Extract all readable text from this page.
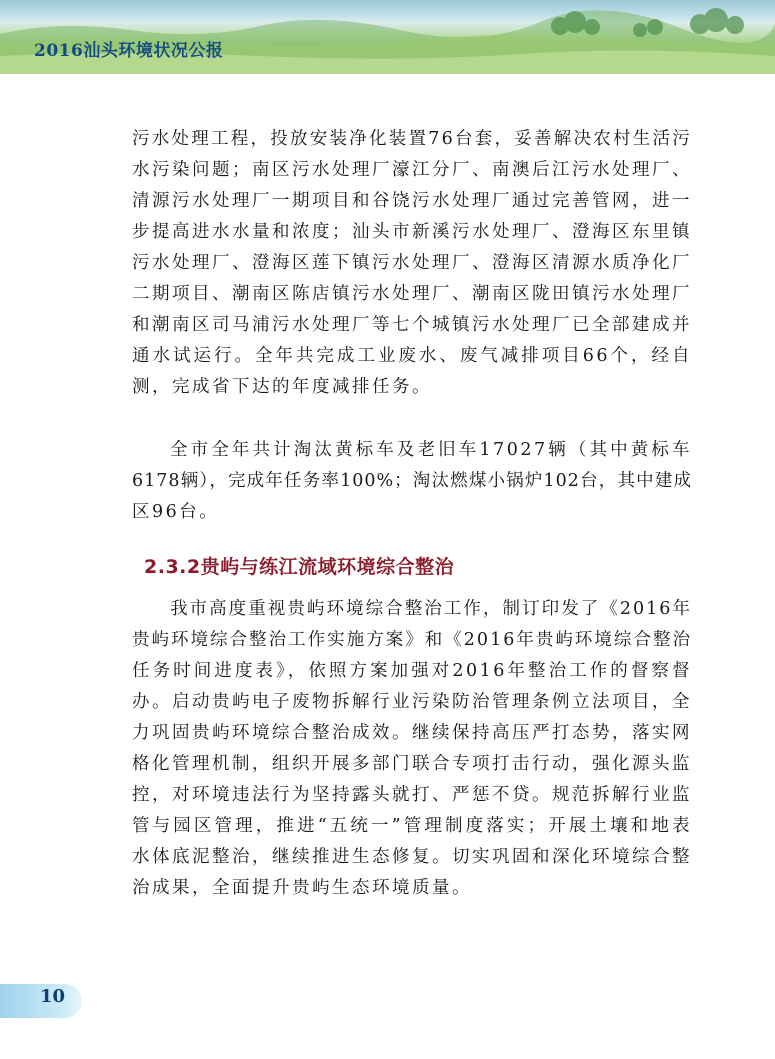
2016汕头环境状况公报
污水处理工程，投放安装净化装置76台套，妥善解决农村生活污
水污染问题；南区污水处理厂濠江分厂、南澳后江污水处理厂、
清源污水处理厂一期项目和谷饶污水处理厂通过完善管网，进一
步提高进水水量和浓度；汕头市新溪污水处理厂、澄海区东里镇
污水处理厂、澄海区莲下镇污水处理厂、澄海区清源水质净化厂
二期项目、潮南区陈店镇污水处理厂、潮南区陇田镇污水处理厂
和潮南区司马浦污水处理厂等七个城镇污水处理厂已全部建成并
通水试运行。全年共完成工业废水、废气减排项目66个，经自
测，完成省下达的年度减排任务。
全市全年共计淘汰黄标车及老旧车17027辆（其中黄标车
6178辆），完成年任务率100%；淘汰燃煤小锅炉102台，其中建成
区96台。
2.3.2贵屿与练江流域环境综合整治
我市高度重视贵屿环境综合整治工作，制订印发了《2016年
贵屿环境综合整治工作实施方案》和《2016年贵屿环境综合整治
任务时间进度表》，依照方案加强对2016年整治工作的督察督
办。启动贵屿电子废物拆解行业污染防治管理条例立法项目，全
力巩固贵屿环境综合整治成效。继续保持高压严打态势，落实网
格化管理机制，组织开展多部门联合专项打击行动，强化源头监
控，对环境违法行为坚持露头就打、严惩不贷。规范拆解行业监
管与园区管理，推进“五统一”管理制度落实；开展土壤和地表
水体底泥整治，继续推进生态修复。切实巩固和深化环境综合整
治成果，全面提升贵屿生态环境质量。
10
